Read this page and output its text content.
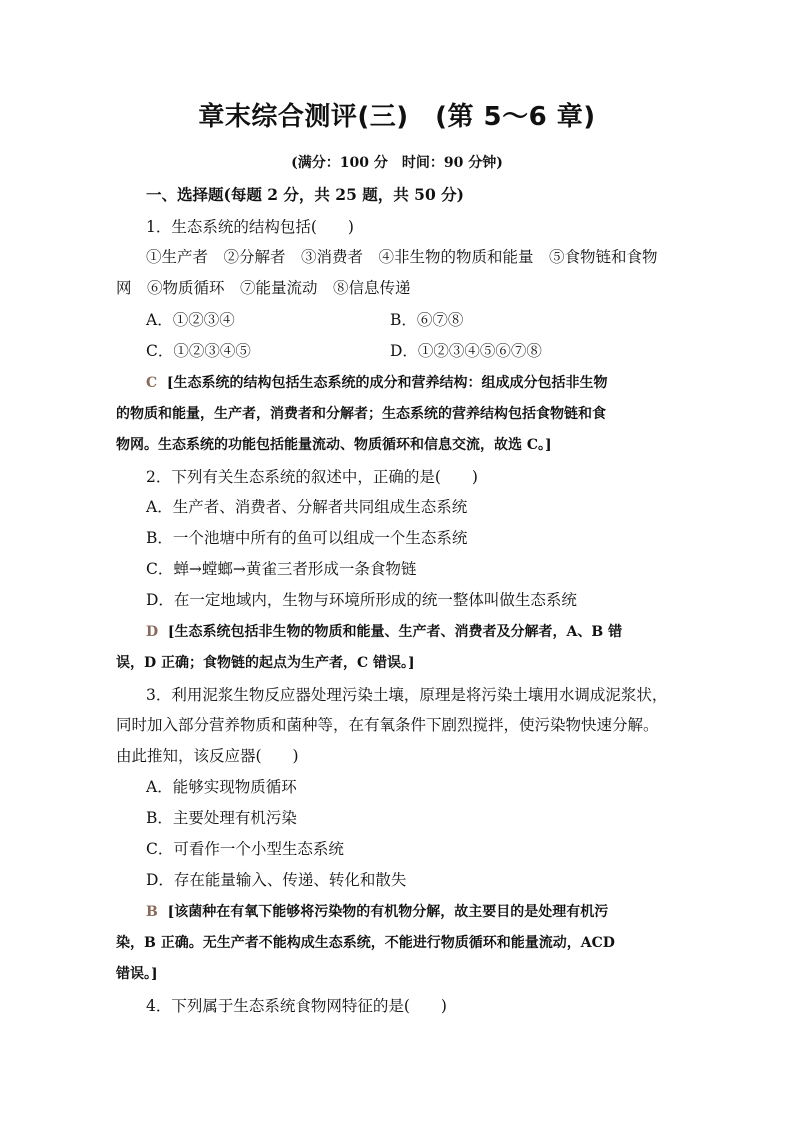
章末综合测评(三)　(第 5～6 章)
(满分：100 分　时间：90 分钟)
一、选择题(每题 2 分，共 25 题，共 50 分)
1．生态系统的结构包括(　　)
①生产者　②分解者　③消费者　④非生物的物质和能量　⑤食物链和食物
网　⑥物质循环　⑦能量流动　⑧信息传递
A．①②③④	B．⑥⑦⑧
C．①②③④⑤	D．①②③④⑤⑥⑦⑧
C [生态系统的结构包括生态系统的成分和营养结构：组成成分包括非生物
的物质和能量，生产者，消费者和分解者；生态系统的营养结构包括食物链和食
物网。生态系统的功能包括能量流动、物质循环和信息交流，故选 C。]
2．下列有关生态系统的叙述中，正确的是(　　)
A．生产者、消费者、分解者共同组成生态系统
B．一个池塘中所有的鱼可以组成一个生态系统
C．蝉→螳螂→黄雀三者形成一条食物链
D．在一定地域内，生物与环境所形成的统一整体叫做生态系统
D [生态系统包括非生物的物质和能量、生产者、消费者及分解者，A、B 错
误，D 正确；食物链的起点为生产者，C 错误。]
3．利用泥浆生物反应器处理污染土壤，原理是将污染土壤用水调成泥浆状，
同时加入部分营养物质和菌种等，在有氧条件下剧烈搅拌，使污染物快速分解。
由此推知，该反应器(　　)
A．能够实现物质循环
B．主要处理有机污染
C．可看作一个小型生态系统
D．存在能量输入、传递、转化和散失
B [该菌种在有氧下能够将污染物的有机物分解，故主要目的是处理有机污
染，B 正确。无生产者不能构成生态系统，不能进行物质循环和能量流动，ACD
错误。]
4．下列属于生态系统食物网特征的是(　　)
